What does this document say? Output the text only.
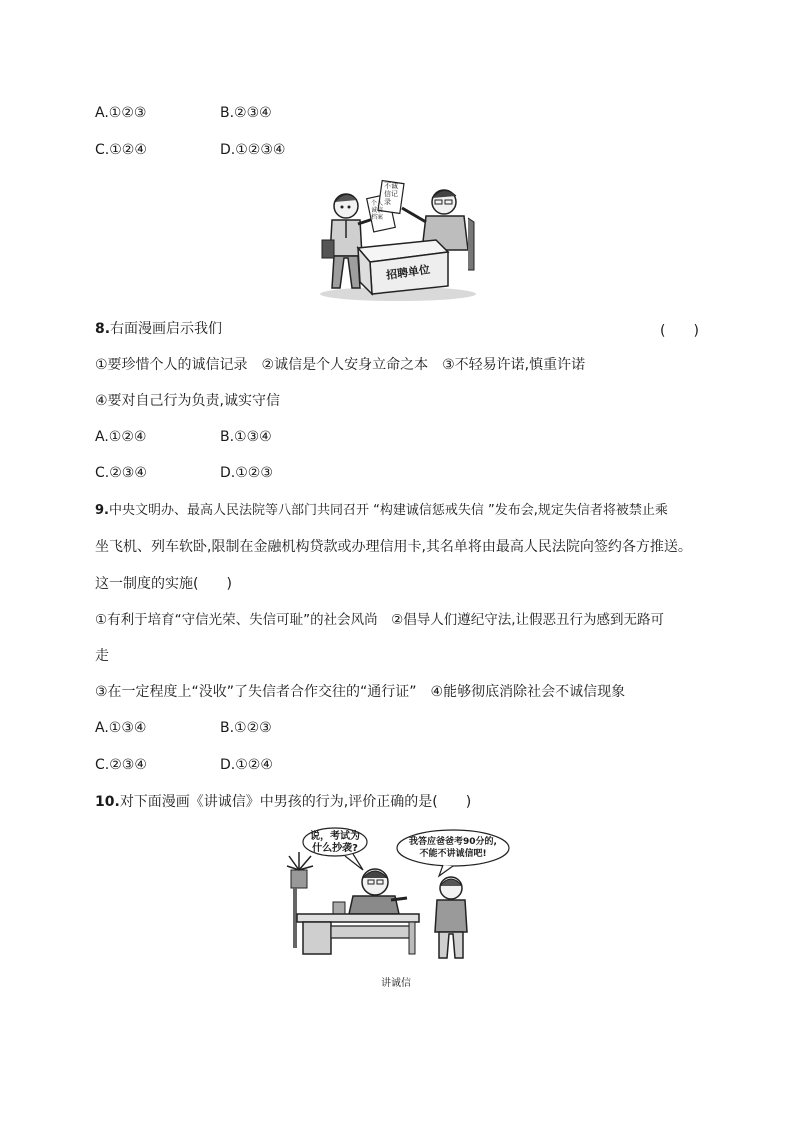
A.①②③	B.②③④
C.①②④	D.①②③④
不诚信记录
个人诚信档案
招聘单位
8.右面漫画启示我们	(　　)
①要珍惜个人的诚信记录　②诚信是个人安身立命之本　③不轻易许诺,慎重许诺
④要对自己行为负责,诚实守信
A.①②④	B.①③④
C.②③④	D.①②③
9.中央文明办、最高人民法院等八部门共同召开 “构建诚信惩戒失信 ”发布会,规定失信者将被禁止乘
坐飞机、列车软卧,限制在金融机构贷款或办理信用卡,其名单将由最高人民法院向签约各方推送。
这一制度的实施(　　)
①有利于培育“守信光荣、失信可耻”的社会风尚　②倡导人们遵纪守法,让假恶丑行为感到无路可
走
③在一定程度上“没收”了失信者合作交往的“通行证”　④能够彻底消除社会不诚信现象
A.①③④	B.①②③
C.②③④	D.①②④
10.对下面漫画《讲诚信》中男孩的行为,评价正确的是(　　)
说，考试为
什么抄袭?
我答应爸爸考90分的,
不能不讲诚信吧!
讲诚信
